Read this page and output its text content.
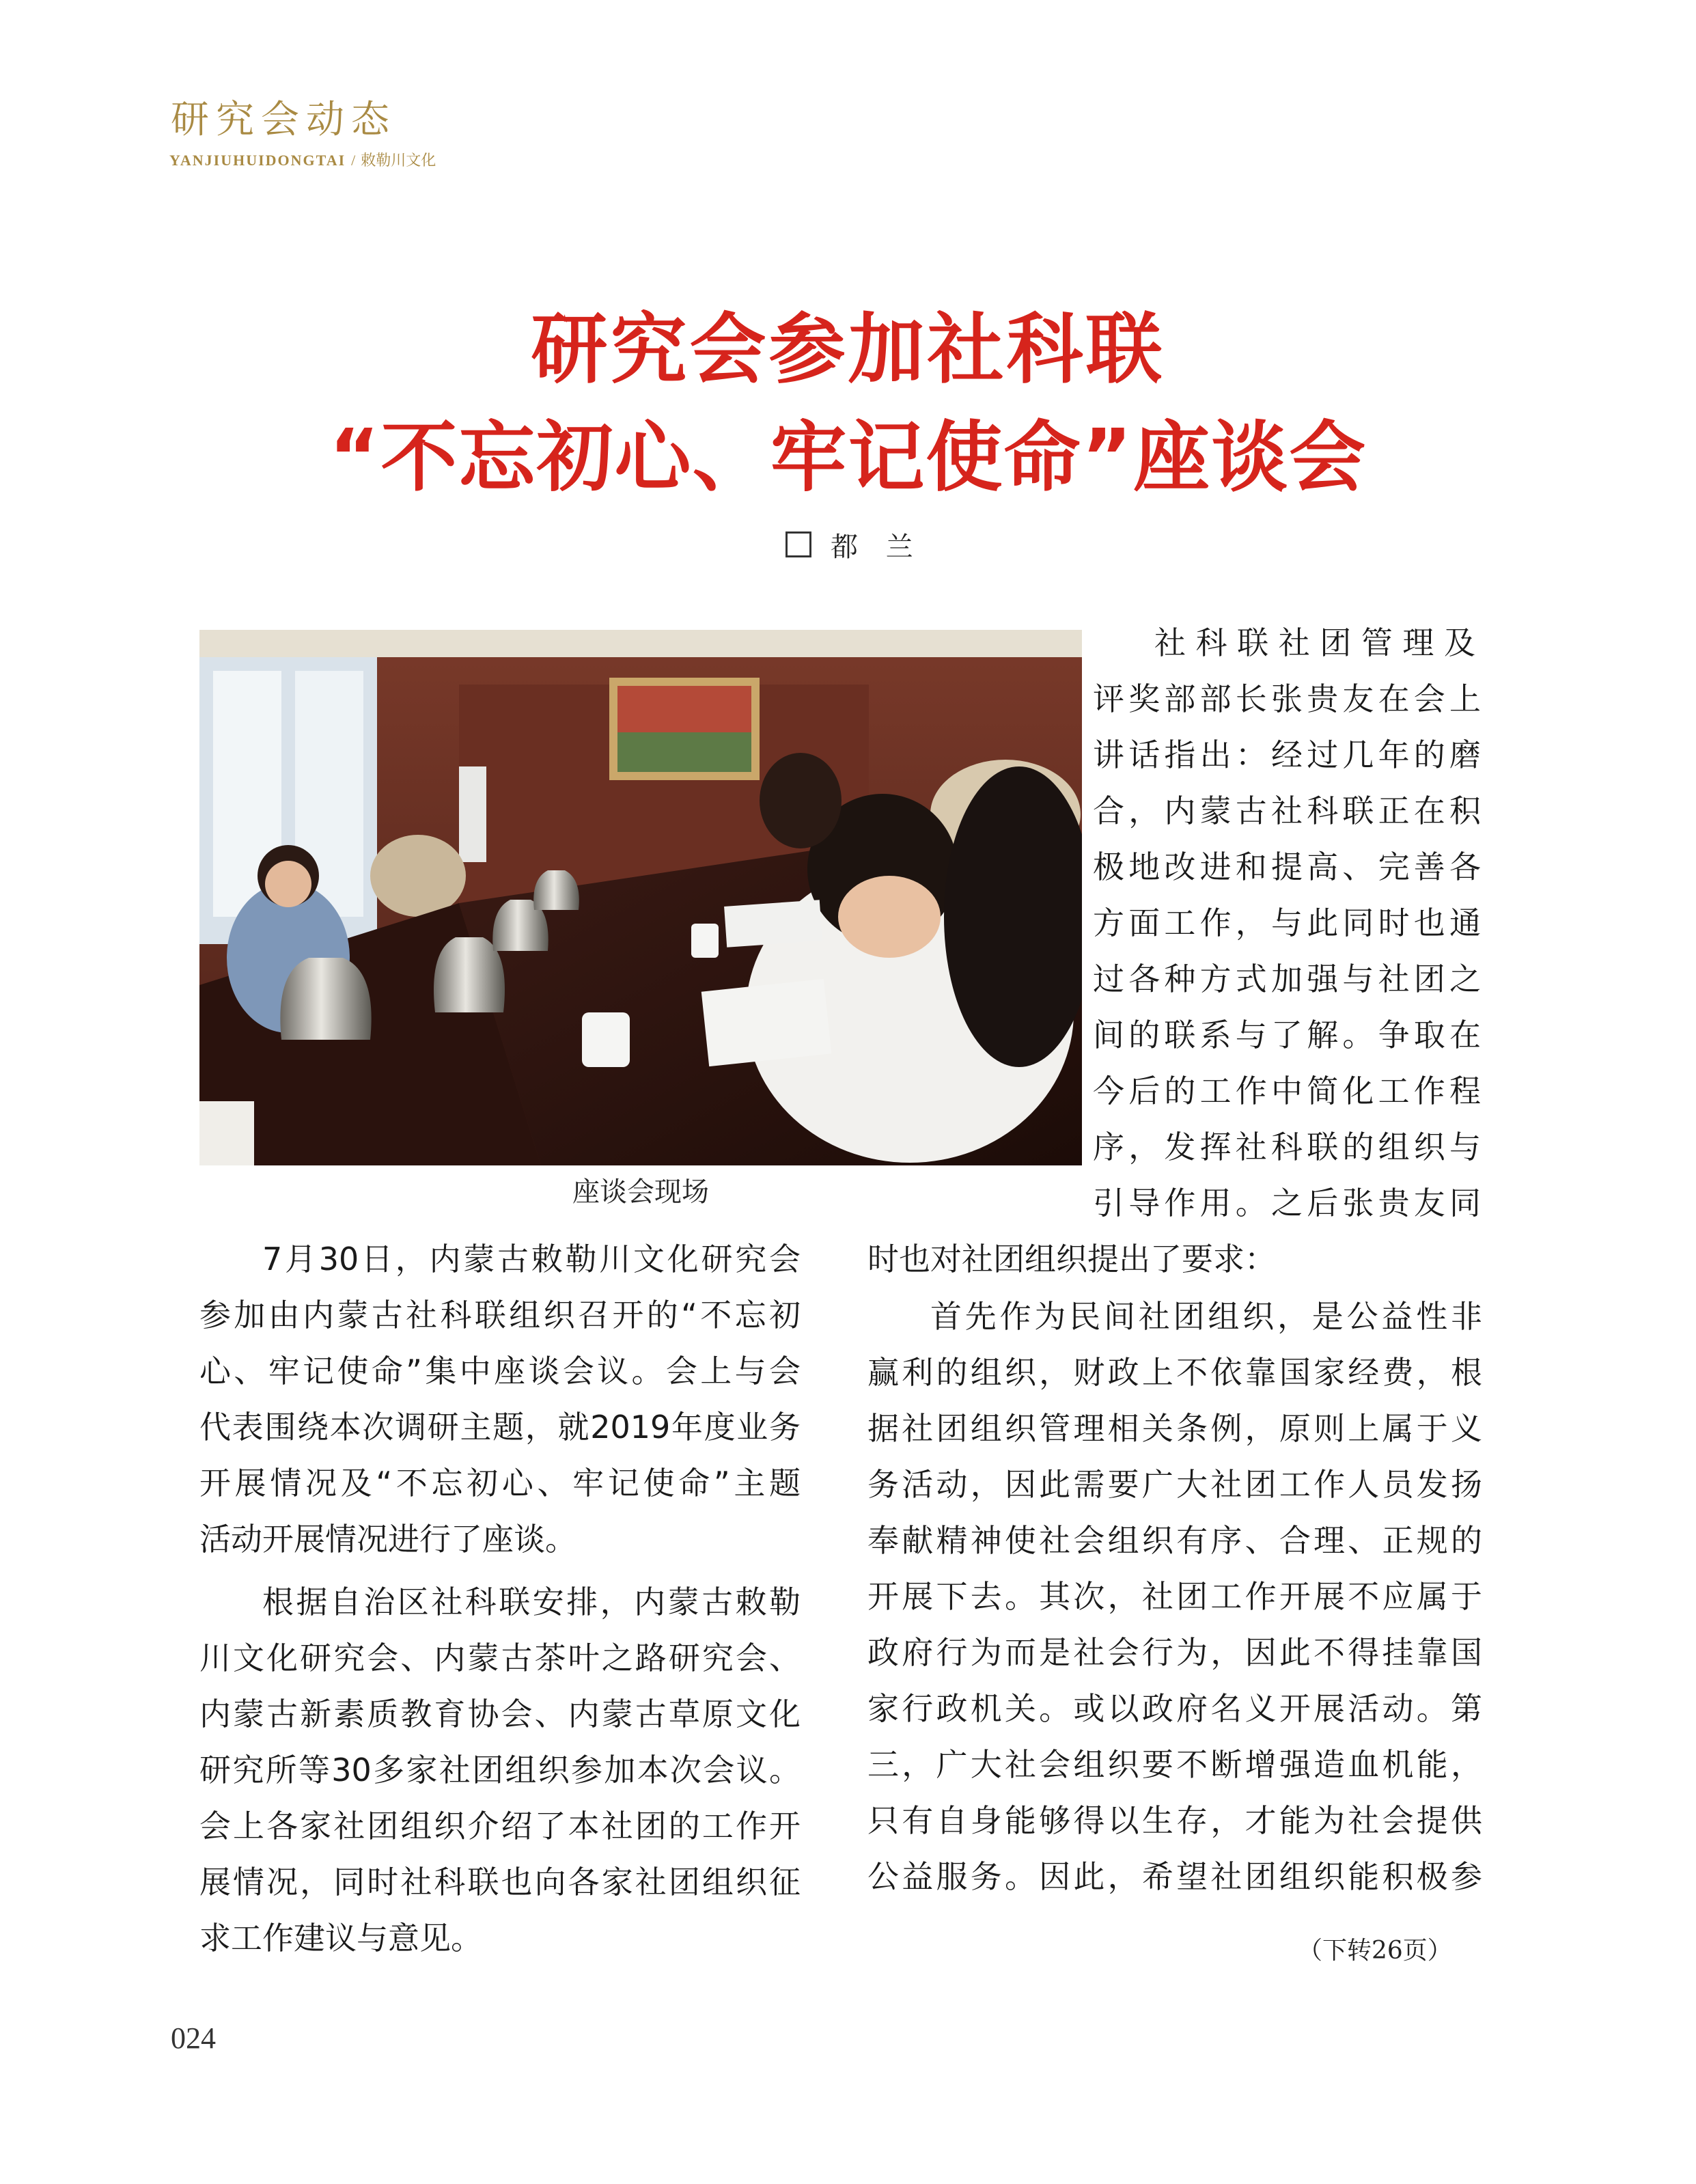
研究会动态
YANJIUHUIDONGTAI / 敕勒川文化
研究会参加社科联
“不忘初心、牢记使命”座谈会
都 兰
座谈会现场
社科联社团管理及
评奖部部长张贵友在会上
讲话指出：经过几年的磨
合，内蒙古社科联正在积
极地改进和提高、完善各
方面工作，与此同时也通
过各种方式加强与社团之
间的联系与了解。争取在
今后的工作中简化工作程
序，发挥社科联的组织与
引导作用。之后张贵友同
时也对社团组织提出了要求：
首先作为民间社团组织，是公益性非
赢利的组织，财政上不依靠国家经费，根
据社团组织管理相关条例，原则上属于义
务活动，因此需要广大社团工作人员发扬
奉献精神使社会组织有序、合理、正规的
开展下去。其次，社团工作开展不应属于
政府行为而是社会行为，因此不得挂靠国
家行政机关。或以政府名义开展活动。第
三，广大社会组织要不断增强造血机能，
只有自身能够得以生存，才能为社会提供
公益服务。因此，希望社团组织能积极参
（下转26页）
7月30日，内蒙古敕勒川文化研究会
参加由内蒙古社科联组织召开的“不忘初
心、牢记使命”集中座谈会议。会上与会
代表围绕本次调研主题，就2019年度业务
开展情况及“不忘初心、牢记使命”主题
活动开展情况进行了座谈。
根据自治区社科联安排，内蒙古敕勒
川文化研究会、内蒙古茶叶之路研究会、
内蒙古新素质教育协会、内蒙古草原文化
研究所等30多家社团组织参加本次会议。
会上各家社团组织介绍了本社团的工作开
展情况，同时社科联也向各家社团组织征
求工作建议与意见。
024
